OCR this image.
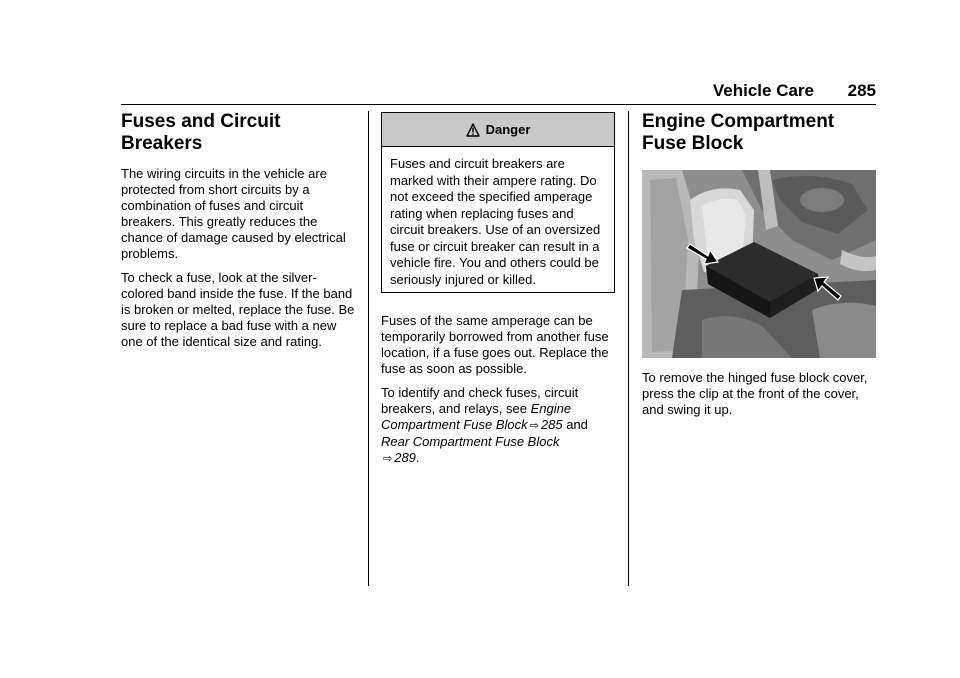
Vehicle Care	285
Fuses and Circuit
Breakers

The wiring circuits in the vehicle are protected from short circuits by a combination of fuses and circuit breakers. This greatly reduces the chance of damage caused by electrical problems.

To check a fuse, look at the silver-colored band inside the fuse. If the band is broken or melted, replace the fuse. Be sure to replace a bad fuse with a new one of the identical size and rating.

Danger

Fuses and circuit breakers are marked with their ampere rating. Do not exceed the specified amperage rating when replacing fuses and circuit breakers. Use of an oversized fuse or circuit breaker can result in a vehicle fire. You and others could be seriously injured or killed.

Fuses of the same amperage can be temporarily borrowed from another fuse location, if a fuse goes out. Replace the fuse as soon as possible.

To identify and check fuses, circuit breakers, and relays, see Engine Compartment Fuse Block ⇨ 285 and Rear Compartment Fuse Block
⇨ 289.

Engine Compartment
Fuse Block

To remove the hinged fuse block cover, press the clip at the front of the cover, and swing it up.
